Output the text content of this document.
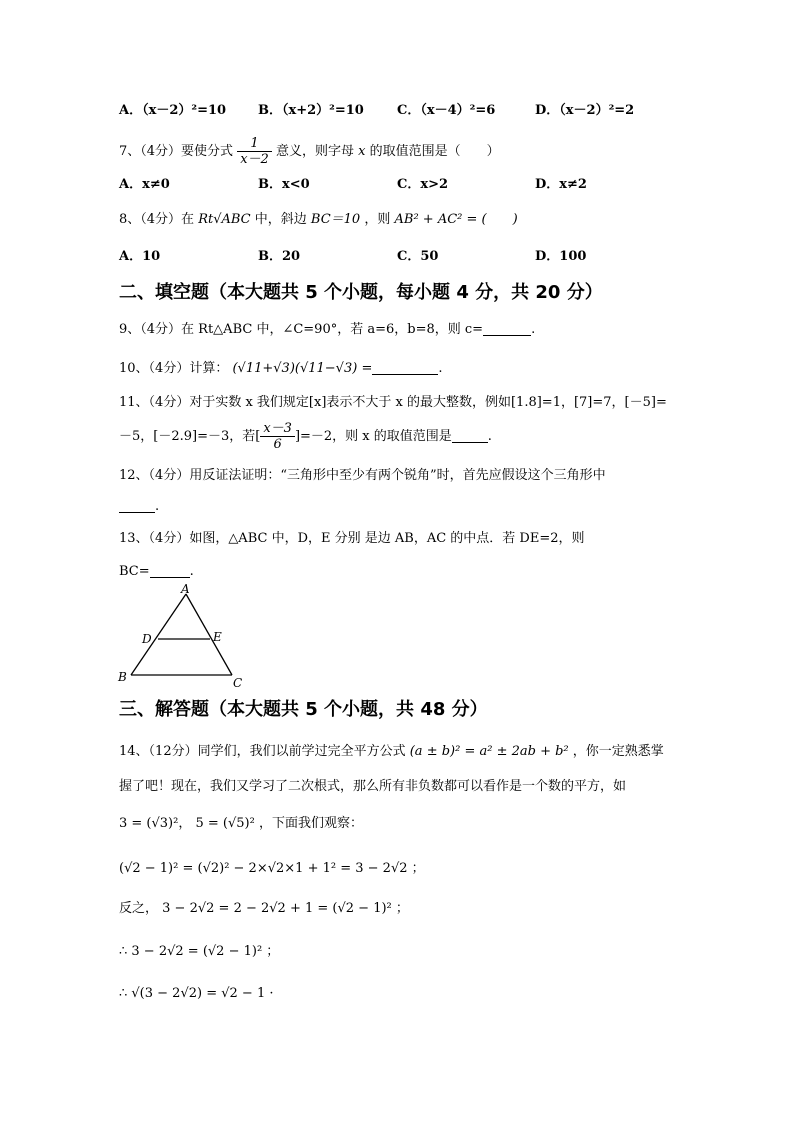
A．（x－2）²=10 B．（x+2）²=10	C．（x－4）²=6	D．（x－2）²=2
7、（4分）要使分式 $\frac{1}{x-2}$ 意义，则字母 x 的取值范围是（　　）
A．x≠0	B．x<0	C．x>2	D．x≠2
8、（4分）在 Rt√ABC 中，斜边 BC＝10 ，则 AB² + AC² = (　　)
A．10	B．20	C．50	D．100
二、填空题（本大题共 5 个小题，每小题 4 分，共 20 分）
9、（4分）在 Rt△ABC 中，∠C=90°，若 a=6，b=8，则 c=	.
10、（4分）计算： (√11+√3)(√11−√3) =	.
11、（4分）对于实数 x 我们规定[x]表示不大于 x 的最大整数，例如[1.8]=1，[7]=7，[－5]=
－5，[－2.9]=－3，若[ $\frac{x-3}{6} ]=-2$，则 x 的取值范围是	.
12、（4分）用反证法证明：“三角形中至少有两个锐角”时，首先应假设这个三角形中
.
13、（4分）如图，△ABC 中，D，E 分别 是边 AB，AC 的中点．若 DE=2，则
BC=	.
A
B	C
D	E
三、解答题（本大题共 5 个小题，共 48 分）
14、（12分）同学们，我们以前学过完全平方公式 (a ± b)² = a² ± 2ab + b² ，你一定熟悉掌
握了吧！现在，我们又学习了二次根式，那么所有非负数都可以看作是一个数的平方，如
3 = (√3)²， 5 = (√5)² ，下面我们观察：
(√2 − 1)² = (√2)² − 2×√2×1 + 1² = 3 − 2√2 ；
反之， 3 − 2√2 = 2 − 2√2 + 1 = (√2 − 1)² ；
∴ 3 − 2√2 = (√2 − 1)² ；
∴ √(3 − 2√2) = √2 − 1 ·
